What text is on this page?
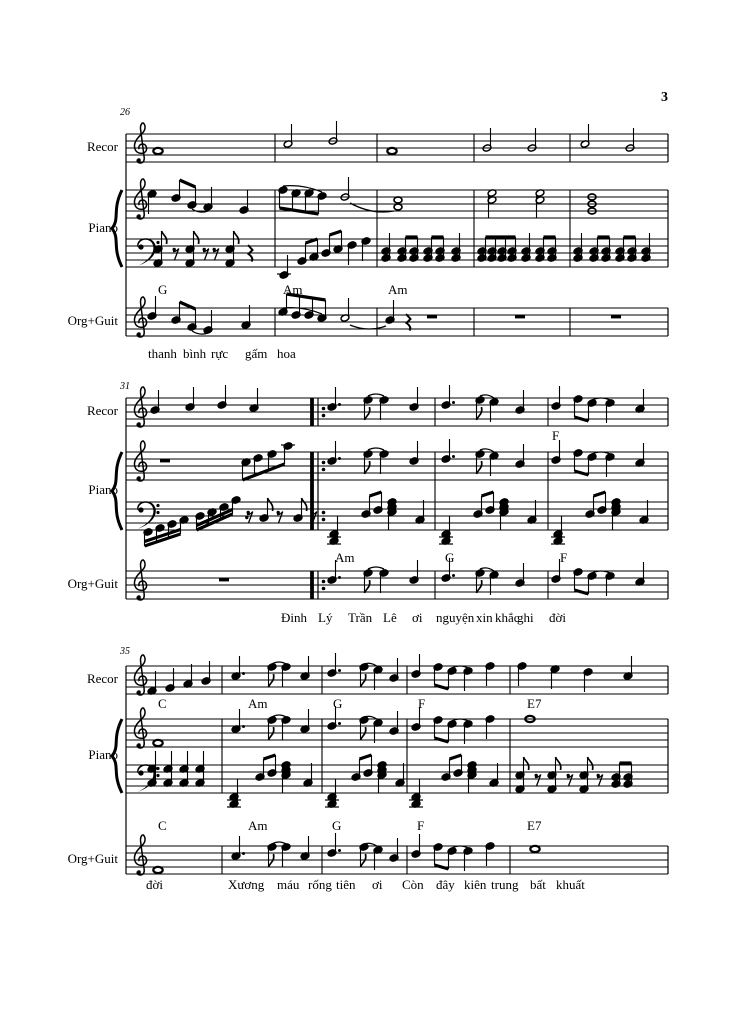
3
26
Recor
Piano
Org+Guit
G	Am	Am
thanh bình rực gấm hoa
31
Recor
Piano
Org+Guit
F
Am	G	F
Đinh Lý Trần Lê ơi nguyện xin khắc
ghi đời
35
Recor
Piano
Org+Guit
C	Am	G	F	E7
C	Am	G	F	E7
đời	Xương máu rống tiên ơi Còn đây kiên trung bất khuất
